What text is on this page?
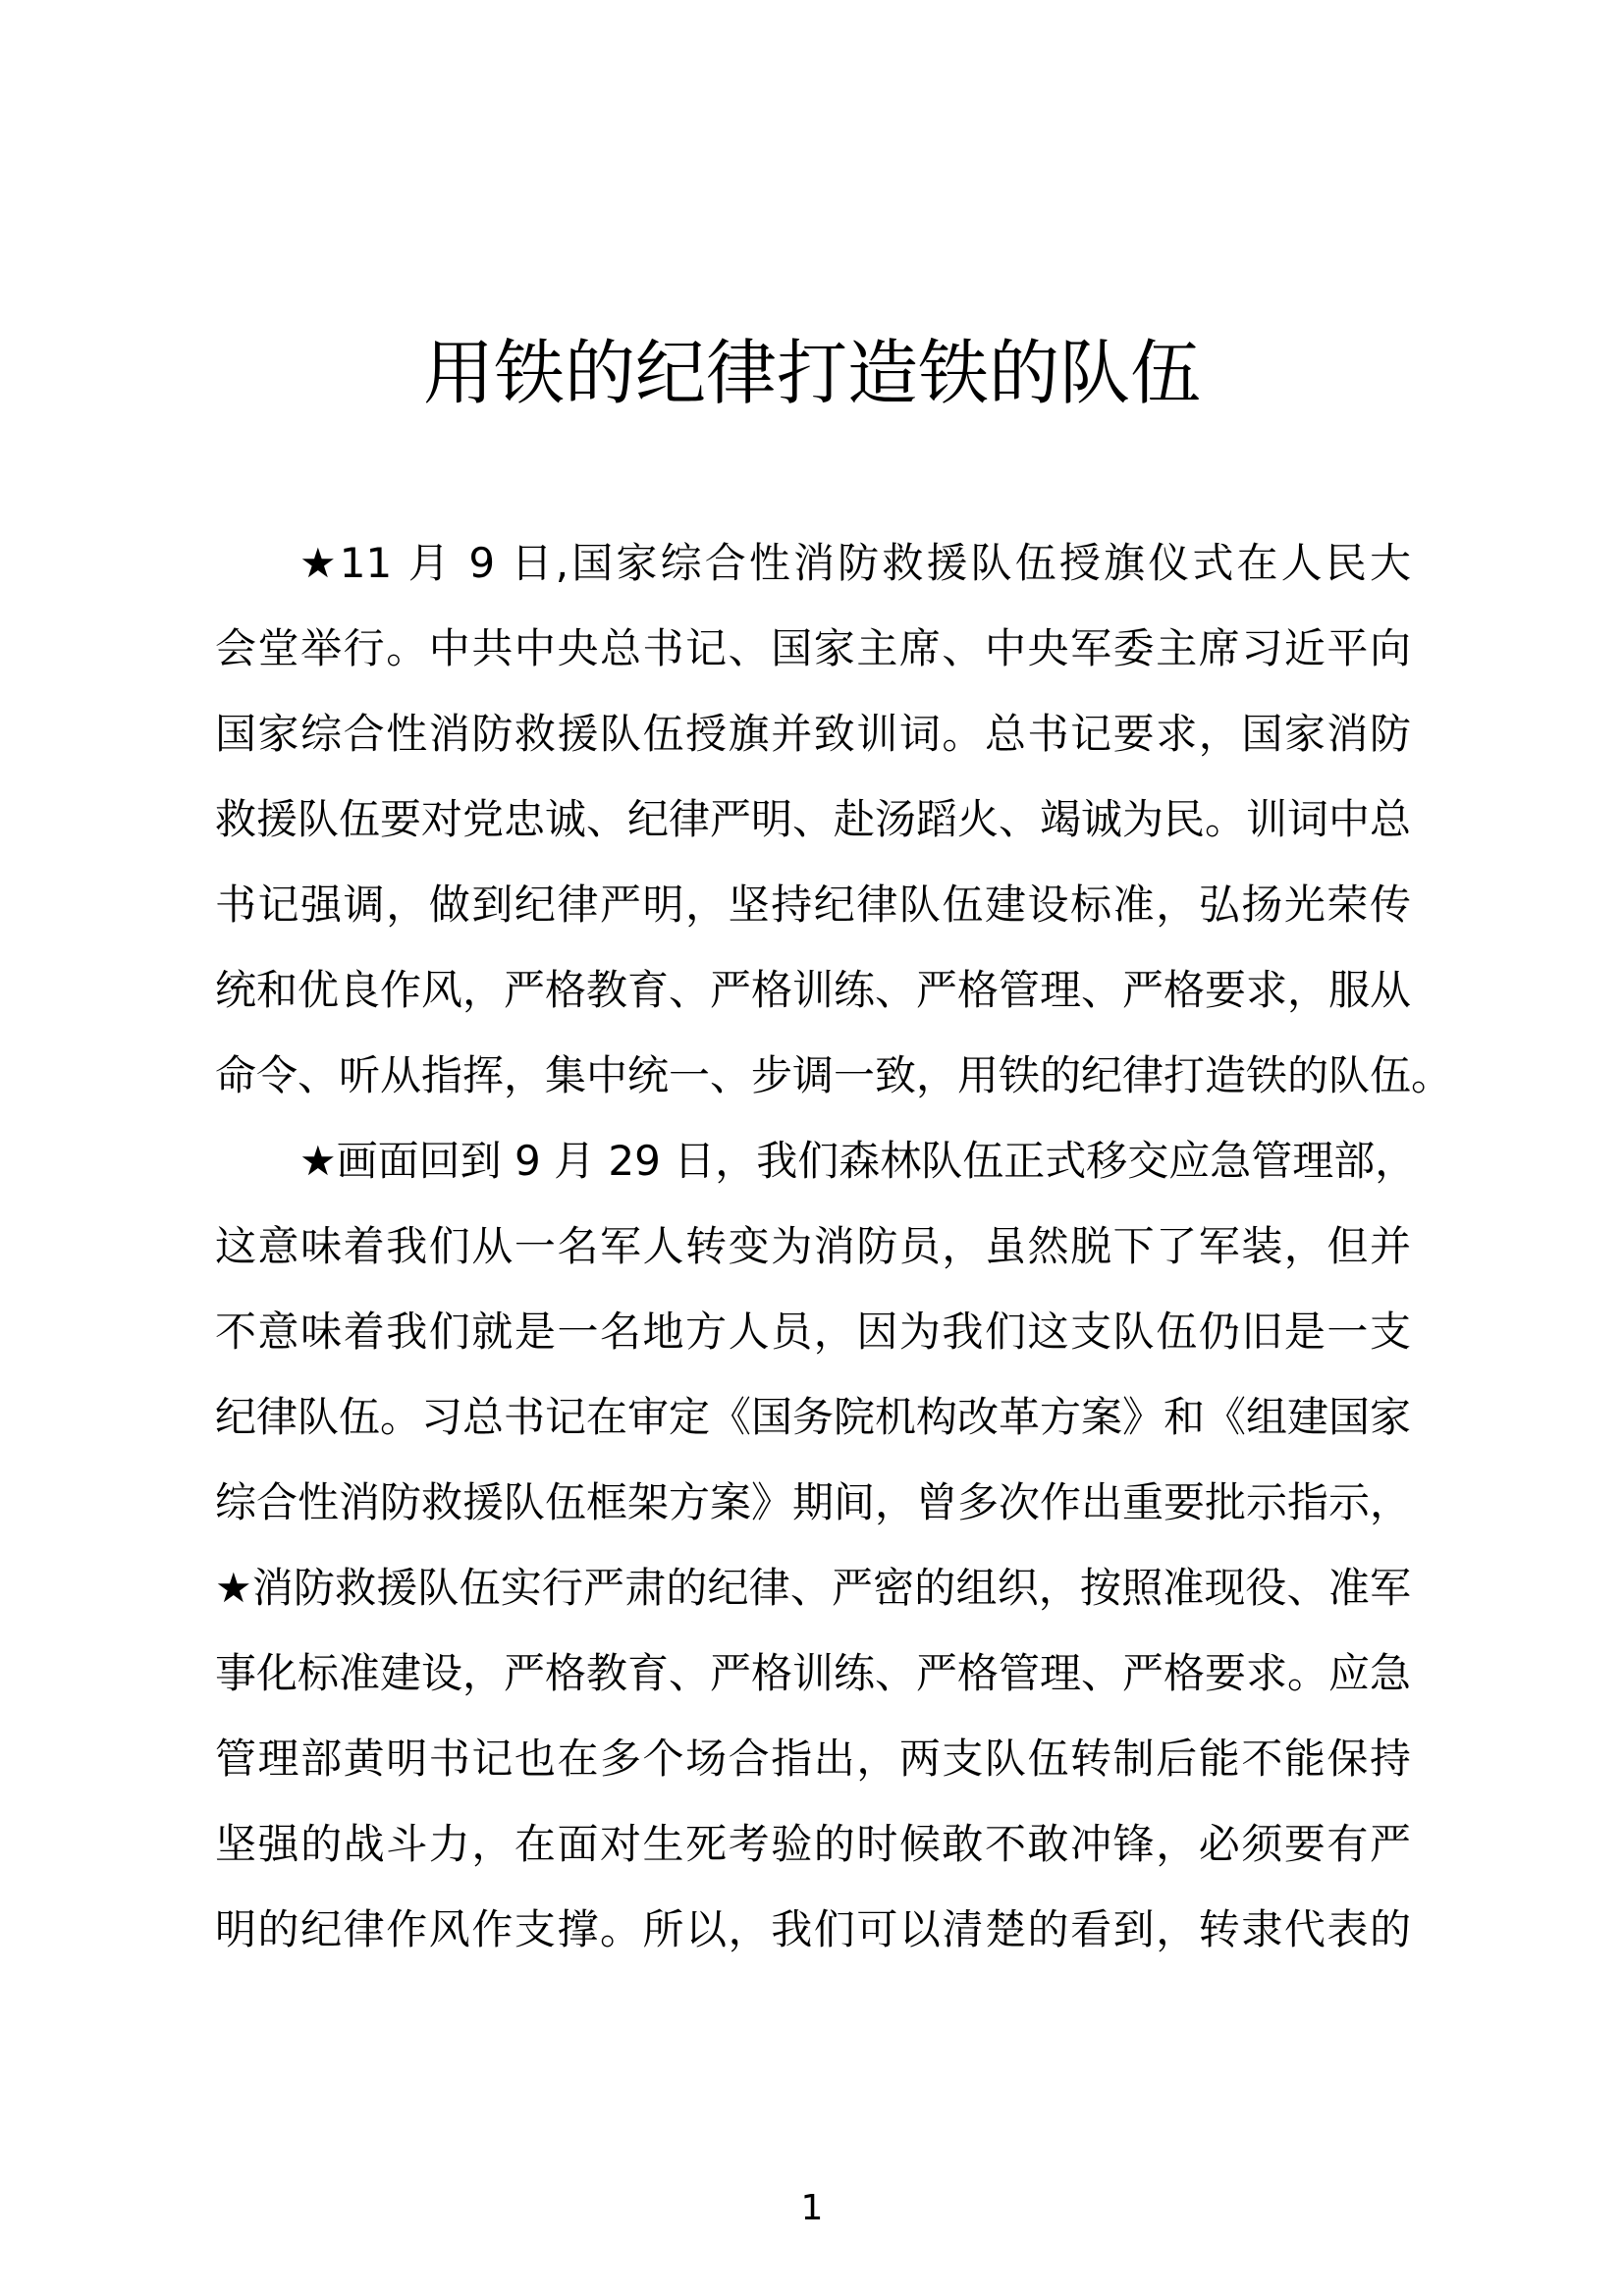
用铁的纪律打造铁的队伍
★11 月 9 日,国家综合性消防救援队伍授旗仪式在人民大
会堂举行。中共中央总书记、国家主席、中央军委主席习近平向
国家综合性消防救援队伍授旗并致训词。总书记要求，国家消防
救援队伍要对党忠诚、纪律严明、赴汤蹈火、竭诚为民。训词中总
书记强调，做到纪律严明，坚持纪律队伍建设标准，弘扬光荣传
统和优良作风，严格教育、严格训练、严格管理、严格要求，服从
命令、听从指挥，集中统一、步调一致，用铁的纪律打造铁的队伍。
★画面回到 9 月 29 日，我们森林队伍正式移交应急管理部，
这意味着我们从一名军人转变为消防员，虽然脱下了军装，但并
不意味着我们就是一名地方人员，因为我们这支队伍仍旧是一支
纪律队伍。习总书记在审定《国务院机构改革方案》和《组建国家
综合性消防救援队伍框架方案》期间，曾多次作出重要批示指示，
★消防救援队伍实行严肃的纪律、严密的组织，按照准现役、准军
事化标准建设，严格教育、严格训练、严格管理、严格要求。应急
管理部黄明书记也在多个场合指出，两支队伍转制后能不能保持
坚强的战斗力，在面对生死考验的时候敢不敢冲锋，必须要有严
明的纪律作风作支撑。所以，我们可以清楚的看到，转隶代表的
1
